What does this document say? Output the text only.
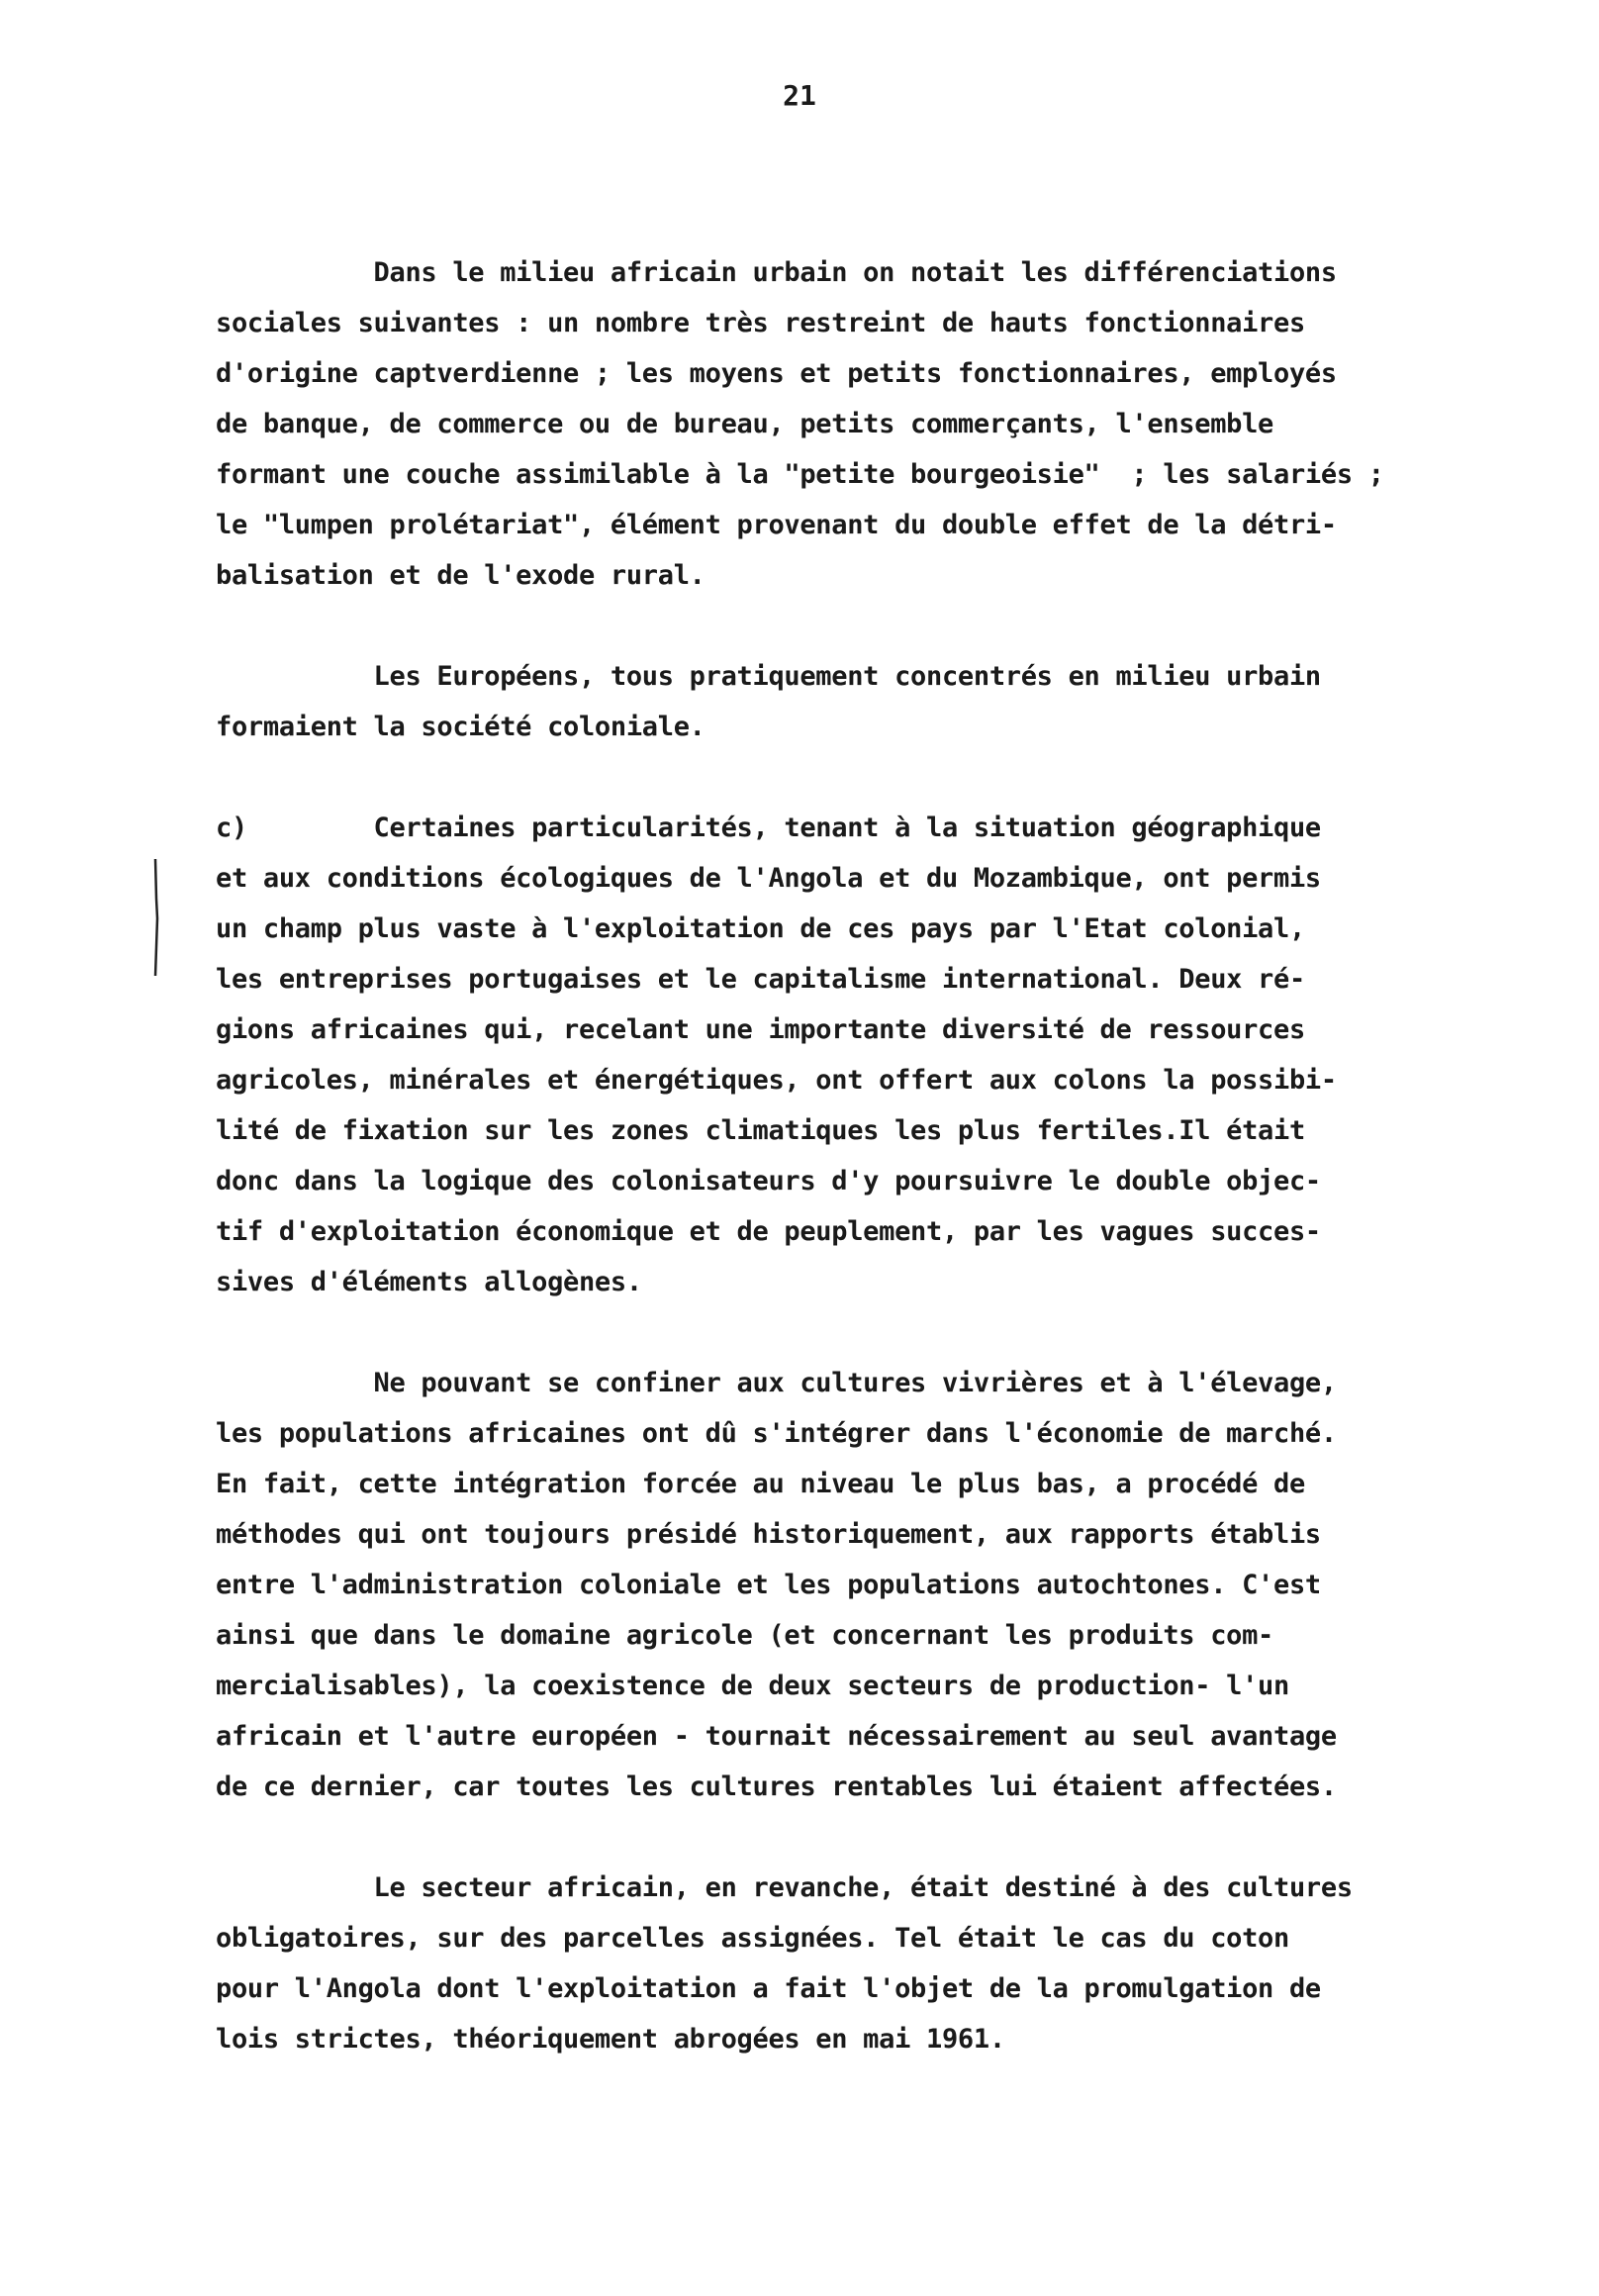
21

Dans le milieu africain urbain on notait les différenciations

sociales suivantes : un nombre très restreint de hauts fonctionnaires

d'origine captverdienne ; les moyens et petits fonctionnaires, employés

de banque, de commerce ou de bureau, petits commerçants, l'ensemble

formant une couche assimilable à la "petite bourgeoisie"  ; les salariés ;

le "lumpen prolétariat", élément provenant du double effet de la détri-

balisation et de l'exode rural.

Les Européens, tous pratiquement concentrés en milieu urbain

formaient la société coloniale.

c)        Certaines particularités, tenant à la situation géographique

et aux conditions écologiques de l'Angola et du Mozambique, ont permis

un champ plus vaste à l'exploitation de ces pays par l'Etat colonial,

les entreprises portugaises et le capitalisme international. Deux ré-

gions africaines qui, recelant une importante diversité de ressources

agricoles, minérales et énergétiques, ont offert aux colons la possibi-

lité de fixation sur les zones climatiques les plus fertiles.Il était

donc dans la logique des colonisateurs d'y poursuivre le double objec-

tif d'exploitation économique et de peuplement, par les vagues succes-

sives d'éléments allogènes.

Ne pouvant se confiner aux cultures vivrières et à l'élevage,

les populations africaines ont dû s'intégrer dans l'économie de marché.

En fait, cette intégration forcée au niveau le plus bas, a procédé de

méthodes qui ont toujours présidé historiquement, aux rapports établis

entre l'administration coloniale et les populations autochtones. C'est

ainsi que dans le domaine agricole (et concernant les produits com-

mercialisables), la coexistence de deux secteurs de production- l'un

africain et l'autre européen - tournait nécessairement au seul avantage

de ce dernier, car toutes les cultures rentables lui étaient affectées.

Le secteur africain, en revanche, était destiné à des cultures

obligatoires, sur des parcelles assignées. Tel était le cas du coton

pour l'Angola dont l'exploitation a fait l'objet de la promulgation de

lois strictes, théoriquement abrogées en mai 1961.
